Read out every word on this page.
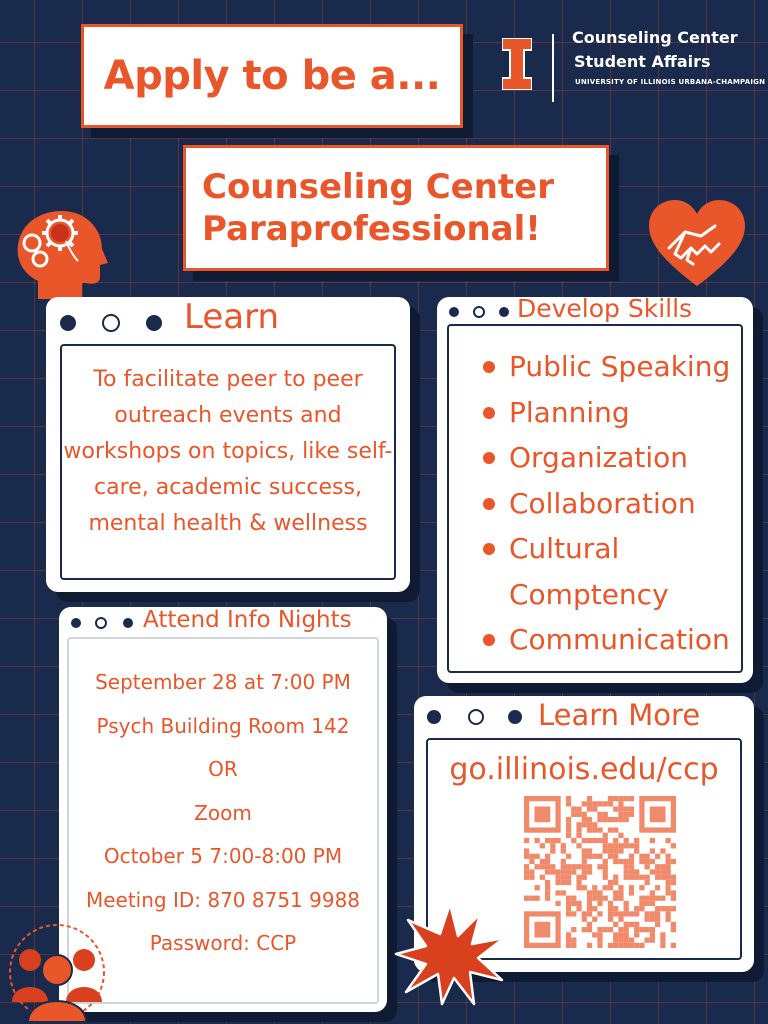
Apply to be a...
Counseling Center
Student Affairs
UNIVERSITY OF ILLINOIS URBANA-CHAMPAIGN
Counseling Center
Paraprofessional!
Learn
To facilitate peer to peer outreach events and workshops on topics, like self-care, academic success, mental health & wellness
Develop Skills
Public Speaking
Planning
Organization
Collaboration
Cultural Comptency
Communication
Attend Info Nights
September 28 at 7:00 PM
Psych Building Room 142
OR
Zoom
October 5 7:00-8:00 PM
Meeting ID: 870 8751 9988
Password: CCP
Learn More
go.illinois.edu/ccp
